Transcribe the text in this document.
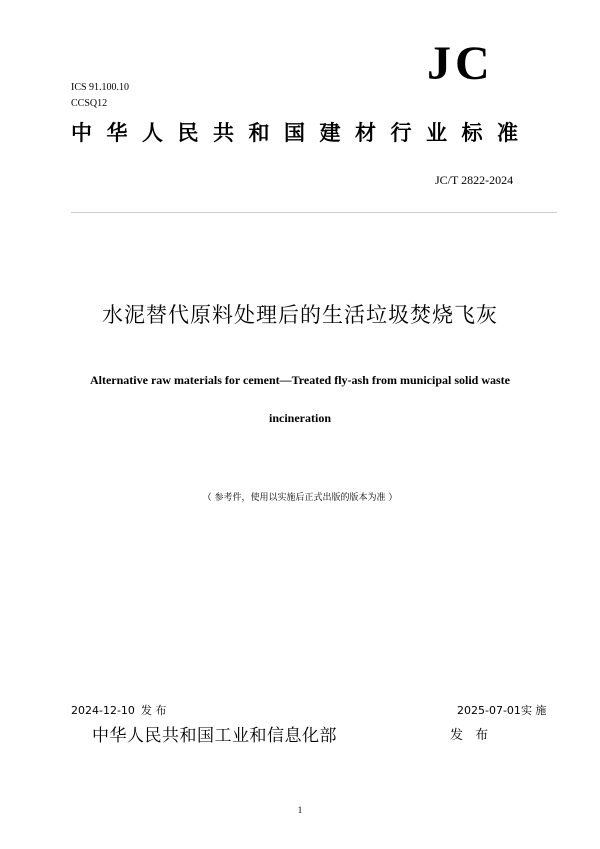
JC
ICS 91.100.10
CCSQ12
中华人民共和国建材行业标准
JC/T 2822-2024
水泥替代原料处理后的生活垃圾焚烧飞灰
Alternative raw materials for cement—Treated fly-ash from municipal solid waste incineration
（ 参考件，使用以实施后正式出版的版本为准 ）
2024-12-10 发 布	2025-07-01实 施
中华人民共和国工业和信息化部	发 布
1
